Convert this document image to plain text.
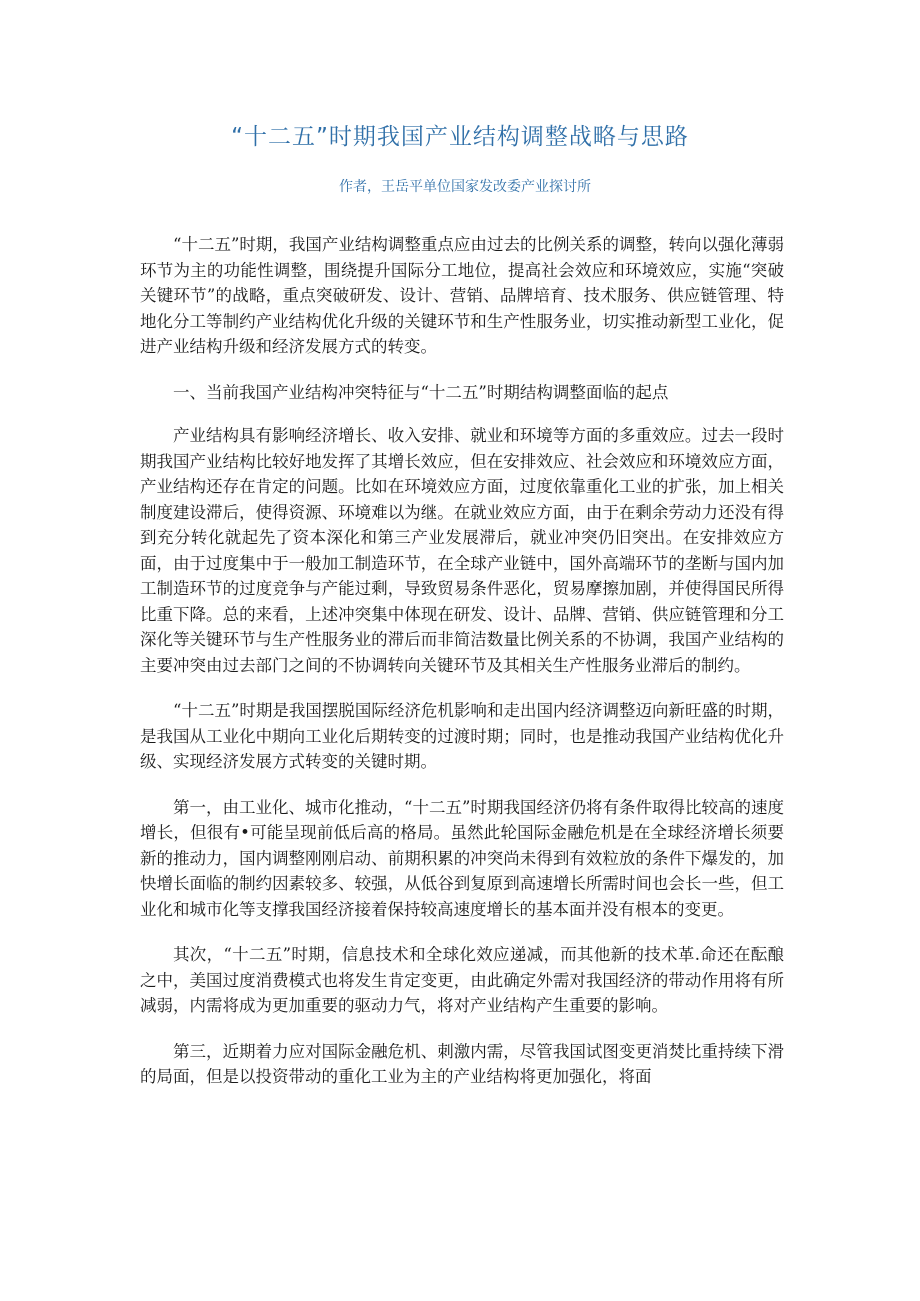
“十二五”时期我国产业结构调整战略与思路
作者，王岳平单位国家发改委产业探讨所

“十二五”时期，我国产业结构调整重点应由过去的比例关系的调整，转向以强化薄弱环节为主的功能性调整，围绕提升国际分工地位，提高社会效应和环境效应，实施“突破关键环节”的战略，重点突破研发、设计、营销、品牌培育、技术服务、供应链管理、特地化分工等制约产业结构优化升级的关键环节和生产性服务业，切实推动新型工业化，促进产业结构升级和经济发展方式的转变。

一、当前我国产业结构冲突特征与“十二五”时期结构调整面临的起点

产业结构具有影响经济增长、收入安排、就业和环境等方面的多重效应。过去一段时期我国产业结构比较好地发挥了其增长效应，但在安排效应、社会效应和环境效应方面，产业结构还存在肯定的问题。比如在环境效应方面，过度依靠重化工业的扩张，加上相关制度建设滞后，使得资源、环境难以为继。在就业效应方面，由于在剩余劳动力还没有得到充分转化就起先了资本深化和第三产业发展滞后，就业冲突仍旧突出。在安排效应方面，由于过度集中于一般加工制造环节，在全球产业链中，国外高端环节的垄断与国内加工制造环节的过度竞争与产能过剩，导致贸易条件恶化，贸易摩擦加剧，并使得国民所得比重下降。总的来看，上述冲突集中体现在研发、设计、品牌、营销、供应链管理和分工深化等关键环节与生产性服务业的滞后而非简洁数量比例关系的不协调，我国产业结构的主要冲突由过去部门之间的不协调转向关键环节及其相关生产性服务业滞后的制约。

“十二五”时期是我国摆脱国际经济危机影响和走出国内经济调整迈向新旺盛的时期，是我国从工业化中期向工业化后期转变的过渡时期；同时，也是推动我国产业结构优化升级、实现经济发展方式转变的关键时期。

第一，由工业化、城市化推动，“十二五”时期我国经济仍将有条件取得比较高的速度增长，但很有•可能呈现前低后高的格局。虽然此轮国际金融危机是在全球经济增长须要新的推动力，国内调整刚刚启动、前期积累的冲突尚未得到有效粒放的条件下爆发的，加快增长面临的制约因素较多、较强，从低谷到复原到高速增长所需时间也会长一些，但工业化和城市化等支撑我国经济接着保持较高速度增长的基本面并没有根本的变更。

其次，“十二五”时期，信息技术和全球化效应递减，而其他新的技术革.命还在酝酿之中，美国过度消费模式也将发生肯定变更，由此确定外需对我国经济的带动作用将有所减弱，内需将成为更加重要的驱动力气，将对产业结构产生重要的影响。

第三，近期着力应对国际金融危机、刺激内需，尽管我国试图变更消焚比重持续下滑的局面，但是以投资带动的重化工业为主的产业结构将更加强化，将面
